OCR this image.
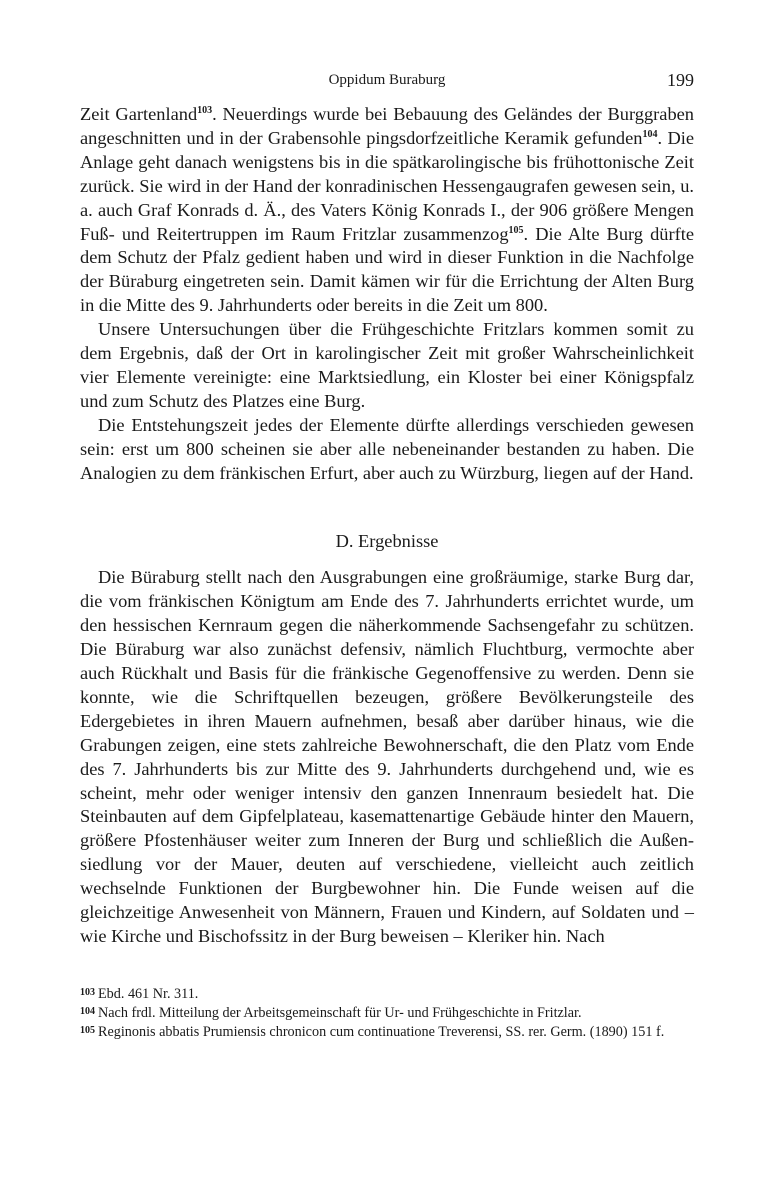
Oppidum Buraburg	199

Zeit Gartenland$^{103}$. Neuerdings wurde bei Bebauung des Geländes der Burggraben angeschnitten und in der Grabensohle pingsdorfzeitliche Keramik gefunden$^{104}$. Die Anlage geht danach wenigstens bis in die spätkarolingische bis frühottonische Zeit zurück. Sie wird in der Hand der konradinischen Hessengaugrafen gewesen sein, u. a. auch Graf Konrads d. Ä., des Vaters König Konrads I., der 906 größere Mengen Fuß- und Reitertruppen im Raum Fritzlar zusammenzog$^{105}$. Die Alte Burg dürfte dem Schutz der Pfalz gedient haben und wird in dieser Funktion in die Nachfolge der Büraburg eingetreten sein. Damit kämen wir für die Errichtung der Alten Burg in die Mitte des 9. Jahrhunderts oder bereits in die Zeit um 800.

Unsere Untersuchungen über die Frühgeschichte Fritzlars kommen somit zu dem Ergebnis, daß der Ort in karolingischer Zeit mit großer Wahrscheinlichkeit vier Elemente vereinigte: eine Marktsiedlung, ein Kloster bei einer Königspfalz und zum Schutz des Platzes eine Burg.

Die Entstehungszeit jedes der Elemente dürfte allerdings verschieden gewesen sein: erst um 800 scheinen sie aber alle nebeneinander bestanden zu haben. Die Analogien zu dem fränkischen Erfurt, aber auch zu Würzburg, liegen auf der Hand.

D. Ergebnisse

Die Büraburg stellt nach den Ausgrabungen eine großräumige, starke Burg dar, die vom fränkischen Königtum am Ende des 7. Jahrhunderts errichtet wurde, um den hessischen Kernraum gegen die näherkommende Sachsengefahr zu schützen. Die Büraburg war also zunächst defensiv, nämlich Fluchtburg, vermochte aber auch Rückhalt und Basis für die fränkische Gegenoffensive zu werden. Denn sie konnte, wie die Schriftquellen bezeugen, größere Bevölkerungsteile des Edergebietes in ihren Mauern aufnehmen, besaß aber darüber hinaus, wie die Grabungen zeigen, eine stets zahlreiche Bewohnerschaft, die den Platz vom Ende des 7. Jahrhunderts bis zur Mitte des 9. Jahrhunderts durchgehend und, wie es scheint, mehr oder weniger intensiv den ganzen Innenraum besiedelt hat. Die Steinbauten auf dem Gipfelplateau, kasemattenartige Gebäude hinter den Mauern, größere Pfostenhäuser weiter zum Inneren der Burg und schließlich die Außensiedlung vor der Mauer, deuten auf verschiedene, vielleicht auch zeitlich wechselnde Funktionen der Burgbewohner hin. Die Funde weisen auf die gleichzeitige Anwesenheit von Männern, Frauen und Kindern, auf Soldaten und – wie Kirche und Bischofssitz in der Burg beweisen – Kleriker hin. Nach

103 Ebd. 461 Nr. 311.

104 Nach frdl. Mitteilung der Arbeitsgemeinschaft für Ur- und Frühgeschichte in Fritzlar.

105 Reginonis abbatis Prumiensis chronicon cum continuatione Treverensi, SS. rer. Germ. (1890) 151 f.
